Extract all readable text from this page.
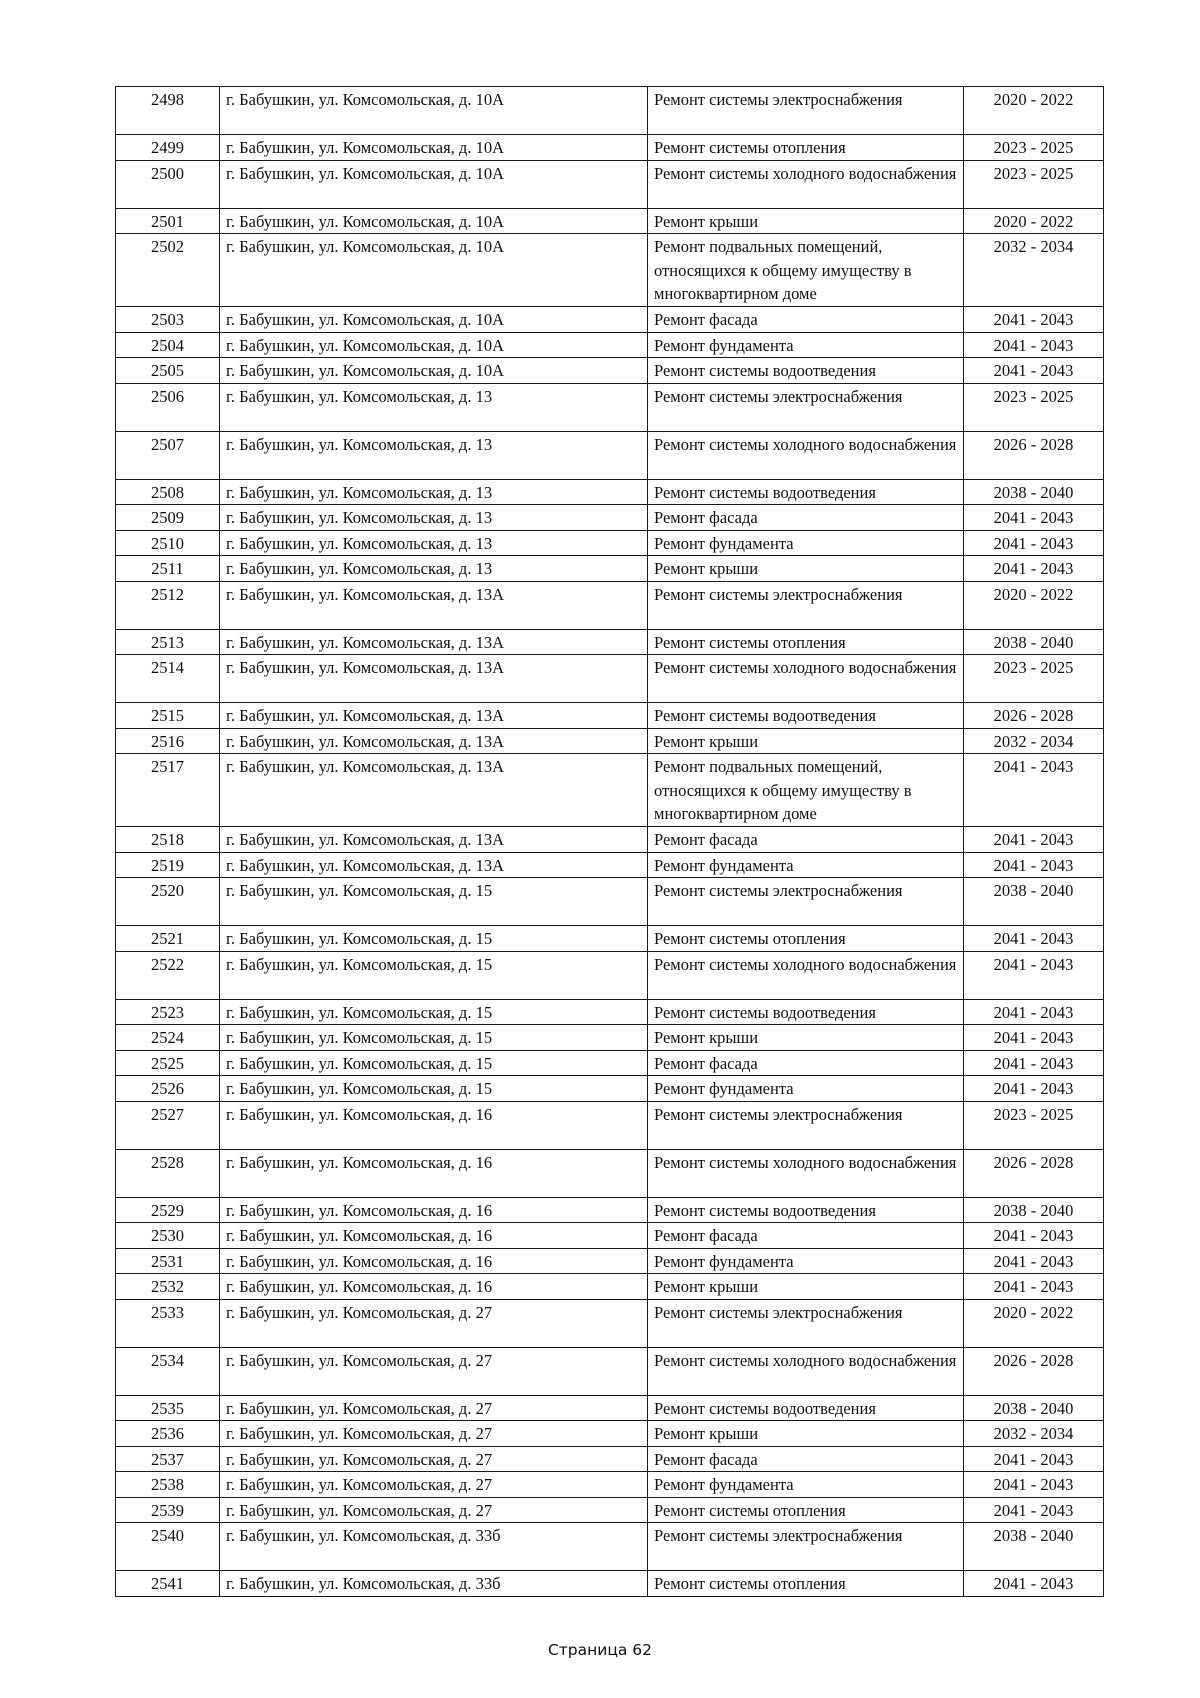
2498	г. Бабушкин, ул. Комсомольская, д. 10А	Ремонт системы электроснабжения	2020 - 2022
2499	г. Бабушкин, ул. Комсомольская, д. 10А	Ремонт системы отопления	2023 - 2025
2500	г. Бабушкин, ул. Комсомольская, д. 10А	Ремонт системы холодного водоснабжения	2023 - 2025
2501	г. Бабушкин, ул. Комсомольская, д. 10А	Ремонт крыши	2020 - 2022
2502	г. Бабушкин, ул. Комсомольская, д. 10А	Ремонт подвальных помещений, относящихся к общему имуществу в многоквартирном доме	2032 - 2034
2503	г. Бабушкин, ул. Комсомольская, д. 10А	Ремонт фасада	2041 - 2043
2504	г. Бабушкин, ул. Комсомольская, д. 10А	Ремонт фундамента	2041 - 2043
2505	г. Бабушкин, ул. Комсомольская, д. 10А	Ремонт системы водоотведения	2041 - 2043
2506	г. Бабушкин, ул. Комсомольская, д. 13	Ремонт системы электроснабжения	2023 - 2025
2507	г. Бабушкин, ул. Комсомольская, д. 13	Ремонт системы холодного водоснабжения	2026 - 2028
2508	г. Бабушкин, ул. Комсомольская, д. 13	Ремонт системы водоотведения	2038 - 2040
2509	г. Бабушкин, ул. Комсомольская, д. 13	Ремонт фасада	2041 - 2043
2510	г. Бабушкин, ул. Комсомольская, д. 13	Ремонт фундамента	2041 - 2043
2511	г. Бабушкин, ул. Комсомольская, д. 13	Ремонт крыши	2041 - 2043
2512	г. Бабушкин, ул. Комсомольская, д. 13А	Ремонт системы электроснабжения	2020 - 2022
2513	г. Бабушкин, ул. Комсомольская, д. 13А	Ремонт системы отопления	2038 - 2040
2514	г. Бабушкин, ул. Комсомольская, д. 13А	Ремонт системы холодного водоснабжения	2023 - 2025
2515	г. Бабушкин, ул. Комсомольская, д. 13А	Ремонт системы водоотведения	2026 - 2028
2516	г. Бабушкин, ул. Комсомольская, д. 13А	Ремонт крыши	2032 - 2034
2517	г. Бабушкин, ул. Комсомольская, д. 13А	Ремонт подвальных помещений, относящихся к общему имуществу в многоквартирном доме	2041 - 2043
2518	г. Бабушкин, ул. Комсомольская, д. 13А	Ремонт фасада	2041 - 2043
2519	г. Бабушкин, ул. Комсомольская, д. 13А	Ремонт фундамента	2041 - 2043
2520	г. Бабушкин, ул. Комсомольская, д. 15	Ремонт системы электроснабжения	2038 - 2040
2521	г. Бабушкин, ул. Комсомольская, д. 15	Ремонт системы отопления	2041 - 2043
2522	г. Бабушкин, ул. Комсомольская, д. 15	Ремонт системы холодного водоснабжения	2041 - 2043
2523	г. Бабушкин, ул. Комсомольская, д. 15	Ремонт системы водоотведения	2041 - 2043
2524	г. Бабушкин, ул. Комсомольская, д. 15	Ремонт крыши	2041 - 2043
2525	г. Бабушкин, ул. Комсомольская, д. 15	Ремонт фасада	2041 - 2043
2526	г. Бабушкин, ул. Комсомольская, д. 15	Ремонт фундамента	2041 - 2043
2527	г. Бабушкин, ул. Комсомольская, д. 16	Ремонт системы электроснабжения	2023 - 2025
2528	г. Бабушкин, ул. Комсомольская, д. 16	Ремонт системы холодного водоснабжения	2026 - 2028
2529	г. Бабушкин, ул. Комсомольская, д. 16	Ремонт системы водоотведения	2038 - 2040
2530	г. Бабушкин, ул. Комсомольская, д. 16	Ремонт фасада	2041 - 2043
2531	г. Бабушкин, ул. Комсомольская, д. 16	Ремонт фундамента	2041 - 2043
2532	г. Бабушкин, ул. Комсомольская, д. 16	Ремонт крыши	2041 - 2043
2533	г. Бабушкин, ул. Комсомольская, д. 27	Ремонт системы электроснабжения	2020 - 2022
2534	г. Бабушкин, ул. Комсомольская, д. 27	Ремонт системы холодного водоснабжения	2026 - 2028
2535	г. Бабушкин, ул. Комсомольская, д. 27	Ремонт системы водоотведения	2038 - 2040
2536	г. Бабушкин, ул. Комсомольская, д. 27	Ремонт крыши	2032 - 2034
2537	г. Бабушкин, ул. Комсомольская, д. 27	Ремонт фасада	2041 - 2043
2538	г. Бабушкин, ул. Комсомольская, д. 27	Ремонт фундамента	2041 - 2043
2539	г. Бабушкин, ул. Комсомольская, д. 27	Ремонт системы отопления	2041 - 2043
2540	г. Бабушкин, ул. Комсомольская, д. 33б	Ремонт системы электроснабжения	2038 - 2040
2541	г. Бабушкин, ул. Комсомольская, д. 33б	Ремонт системы отопления	2041 - 2043
Страница 62
